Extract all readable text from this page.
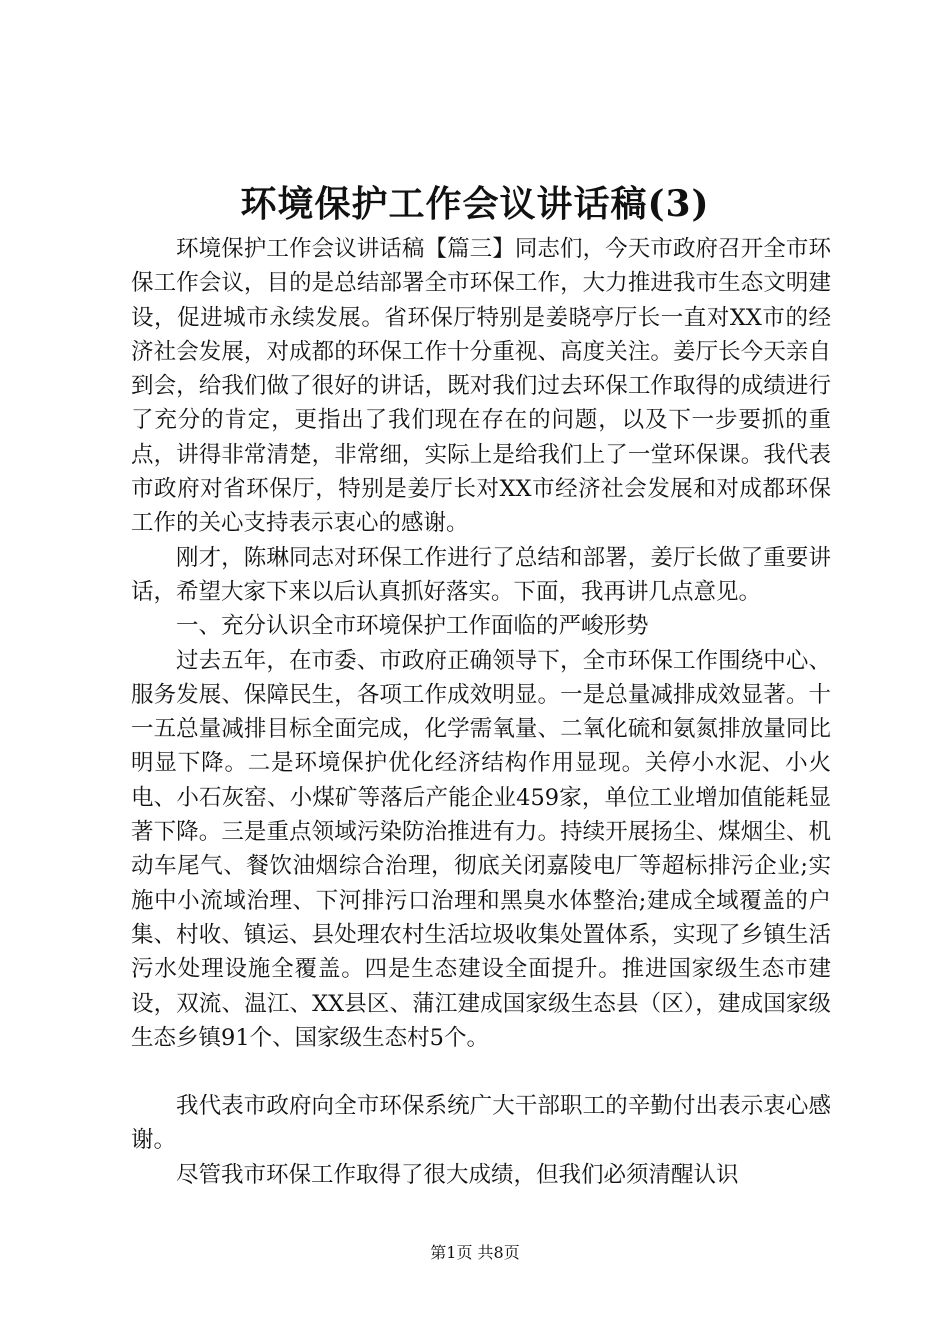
环境保护工作会议讲话稿(3)

环境保护工作会议讲话稿【篇三】同志们，今天市政府召开全市环保工作会议，目的是总结部署全市环保工作，大力推进我市生态文明建设，促进城市永续发展。省环保厅特别是姜晓亭厅长一直对XX市的经济社会发展，对成都的环保工作十分重视、高度关注。姜厅长今天亲自到会，给我们做了很好的讲话，既对我们过去环保工作取得的成绩进行了充分的肯定，更指出了我们现在存在的问题，以及下一步要抓的重点，讲得非常清楚，非常细，实际上是给我们上了一堂环保课。我代表市政府对省环保厅，特别是姜厅长对XX市经济社会发展和对成都环保工作的关心支持表示衷心的感谢。

刚才，陈琳同志对环保工作进行了总结和部署，姜厅长做了重要讲话，希望大家下来以后认真抓好落实。下面，我再讲几点意见。

一、充分认识全市环境保护工作面临的严峻形势

过去五年，在市委、市政府正确领导下，全市环保工作围绕中心、服务发展、保障民生，各项工作成效明显。一是总量减排成效显著。十一五总量减排目标全面完成，化学需氧量、二氧化硫和氨氮排放量同比明显下降。二是环境保护优化经济结构作用显现。关停小水泥、小火电、小石灰窑、小煤矿等落后产能企业459家，单位工业增加值能耗显著下降。三是重点领域污染防治推进有力。持续开展扬尘、煤烟尘、机动车尾气、餐饮油烟综合治理，彻底关闭嘉陵电厂等超标排污企业;实施中小流域治理、下河排污口治理和黑臭水体整治;建成全域覆盖的户集、村收、镇运、县处理农村生活垃圾收集处置体系，实现了乡镇生活污水处理设施全覆盖。四是生态建设全面提升。推进国家级生态市建设，双流、温江、XX县区、蒲江建成国家级生态县（区），建成国家级生态乡镇91个、国家级生态村5个。

我代表市政府向全市环保系统广大干部职工的辛勤付出表示衷心感谢。

尽管我市环保工作取得了很大成绩，但我们必须清醒认识

第1页 共8页
